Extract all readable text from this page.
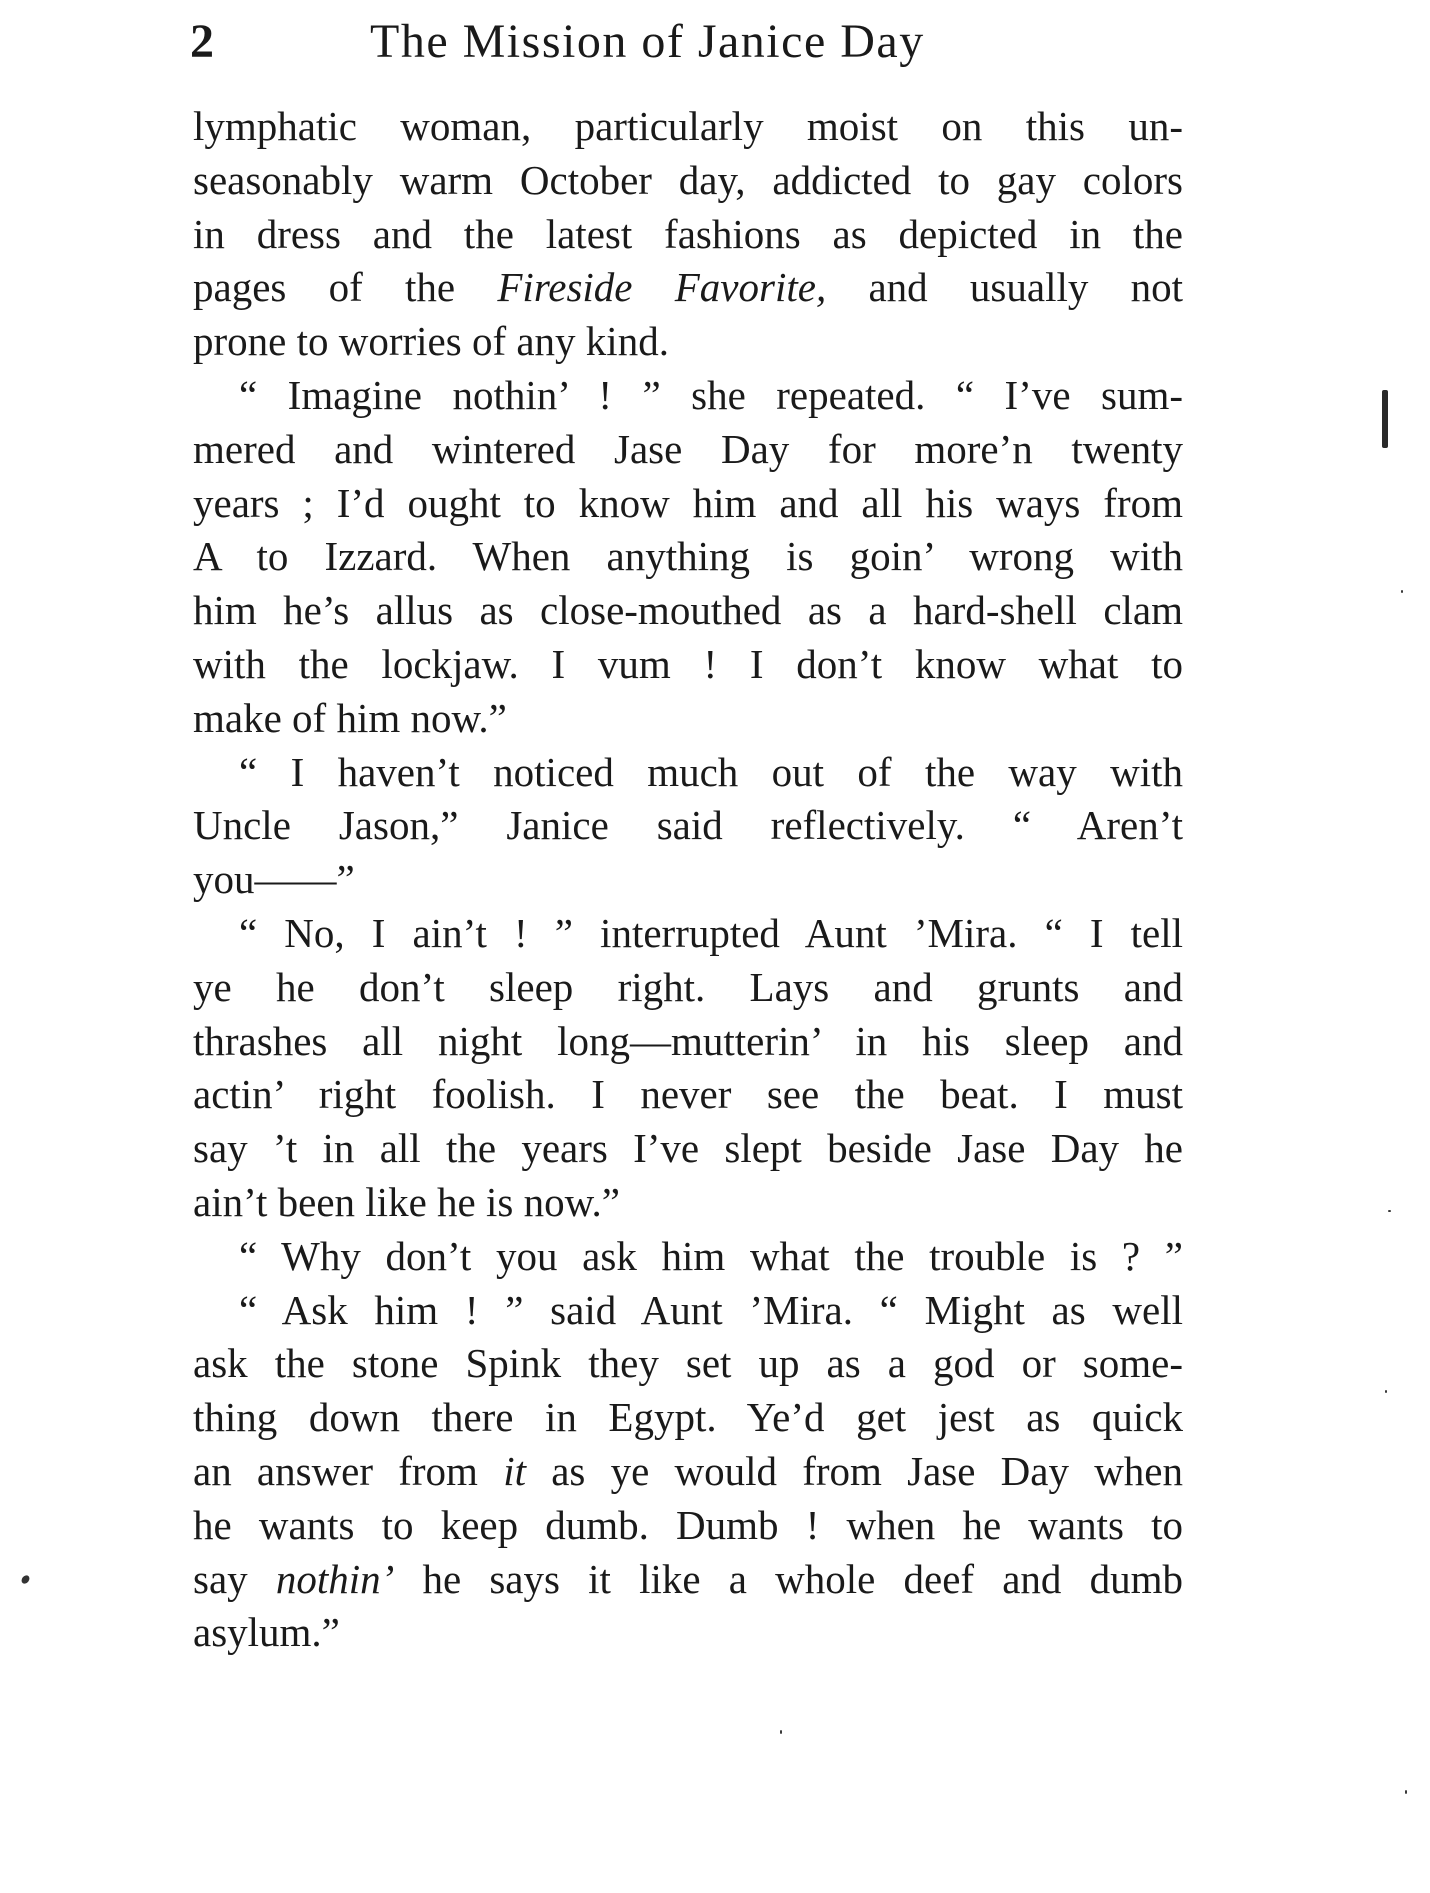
2	The Mission of Janice Day
lymphatic woman, particularly moist on this un-
seasonably warm October day, addicted to gay colors
in dress and the latest fashions as depicted in the
pages of the Fireside Favorite, and usually not
prone to worries of any kind.
“ Imagine nothin’ ! ” she repeated. “ I’ve sum-
mered and wintered Jase Day for more’n twenty
years ; I’d ought to know him and all his ways from
A to Izzard. When anything is goin’ wrong with
him he’s allus as close-mouthed as a hard-shell clam
with the lockjaw. I vum ! I don’t know what to
make of him now.”
“ I haven’t noticed much out of the way with
Uncle Jason,” Janice said reflectively. “ Aren’t
you——”
“ No, I ain’t ! ” interrupted Aunt ’Mira. “ I tell
ye he don’t sleep right. Lays and grunts and
thrashes all night long—mutterin’ in his sleep and
actin’ right foolish. I never see the beat. I must
say ’t in all the years I’ve slept beside Jase Day he
ain’t been like he is now.”
“ Why don’t you ask him what the trouble is ? ”
“ Ask him ! ” said Aunt ’Mira. “ Might as well
ask the stone Spink they set up as a god or some-
thing down there in Egypt. Ye’d get jest as quick
an answer from it as ye would from Jase Day when
he wants to keep dumb. Dumb ! when he wants to
say nothin’ he says it like a whole deef and dumb
asylum.”
